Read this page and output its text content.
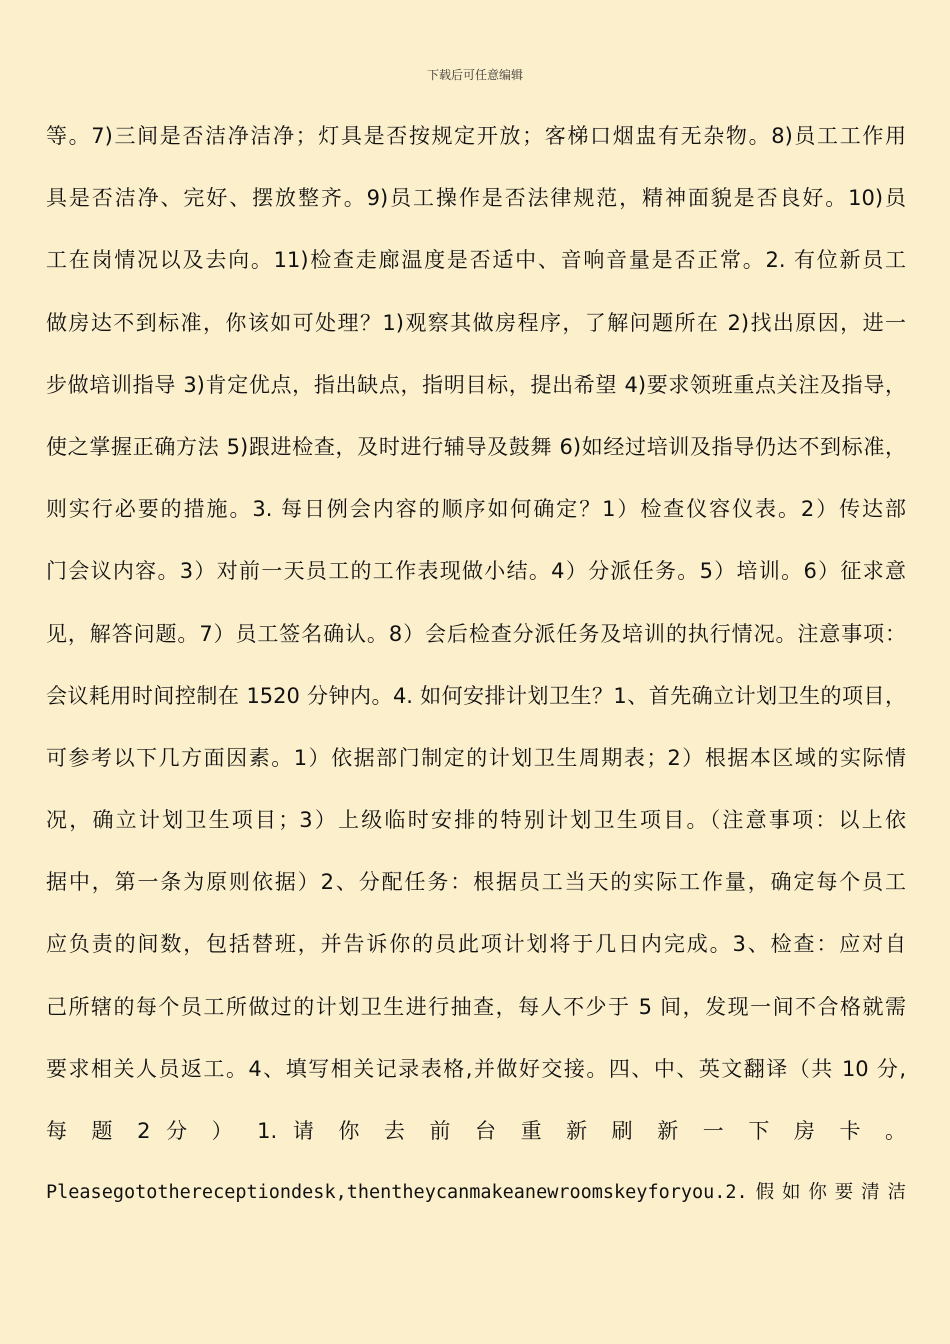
下载后可任意编辑
等。7)三间是否洁净洁净；灯具是否按规定开放；客梯口烟盅有无杂物。8)员工工作用
具是否洁净、完好、摆放整齐。9)员工操作是否法律规范，精神面貌是否良好。10)员
工在岗情况以及去向。11)检查走廊温度是否适中、音响音量是否正常。2. 有位新员工
做房达不到标准，你该如可处理？1)观察其做房程序，了解问题所在 2)找出原因，进一
步做培训指导 3)肯定优点，指出缺点，指明目标，提出希望 4)要求领班重点关注及指导，
使之掌握正确方法 5)跟进检查，及时进行辅导及鼓舞 6)如经过培训及指导仍达不到标准，
则实行必要的措施。3. 每日例会内容的顺序如何确定？1）检查仪容仪表。2）传达部
门会议内容。3）对前一天员工的工作表现做小结。4）分派任务。5）培训。6）征求意
见，解答问题。7）员工签名确认。8）会后检查分派任务及培训的执行情况。注意事项：
会议耗用时间控制在 1520 分钟内。4. 如何安排计划卫生？1、首先确立计划卫生的项目，
可参考以下几方面因素。1）依据部门制定的计划卫生周期表；2）根据本区域的实际情
况，确立计划卫生项目；3）上级临时安排的特别计划卫生项目。（注意事项：以上依
据中，第一条为原则依据）2、分配任务：根据员工当天的实际工作量，确定每个员工
应负责的间数，包括替班，并告诉你的员此项计划将于几日内完成。3、检查：应对自
己所辖的每个员工所做过的计划卫生进行抽查，每人不少于 5 间，发现一间不合格就需
要求相关人员返工。4、填写相关记录表格,并做好交接。四、中、英文翻译（共 10 分,
每 题 2 分 ） 1. 请 你 去 前 台 重 新 刷 新 一 下 房 卡 。
Pleasegotothereceptiondesk,thentheycanmakeanewroomskeyforyou.2.假如你要清洁
